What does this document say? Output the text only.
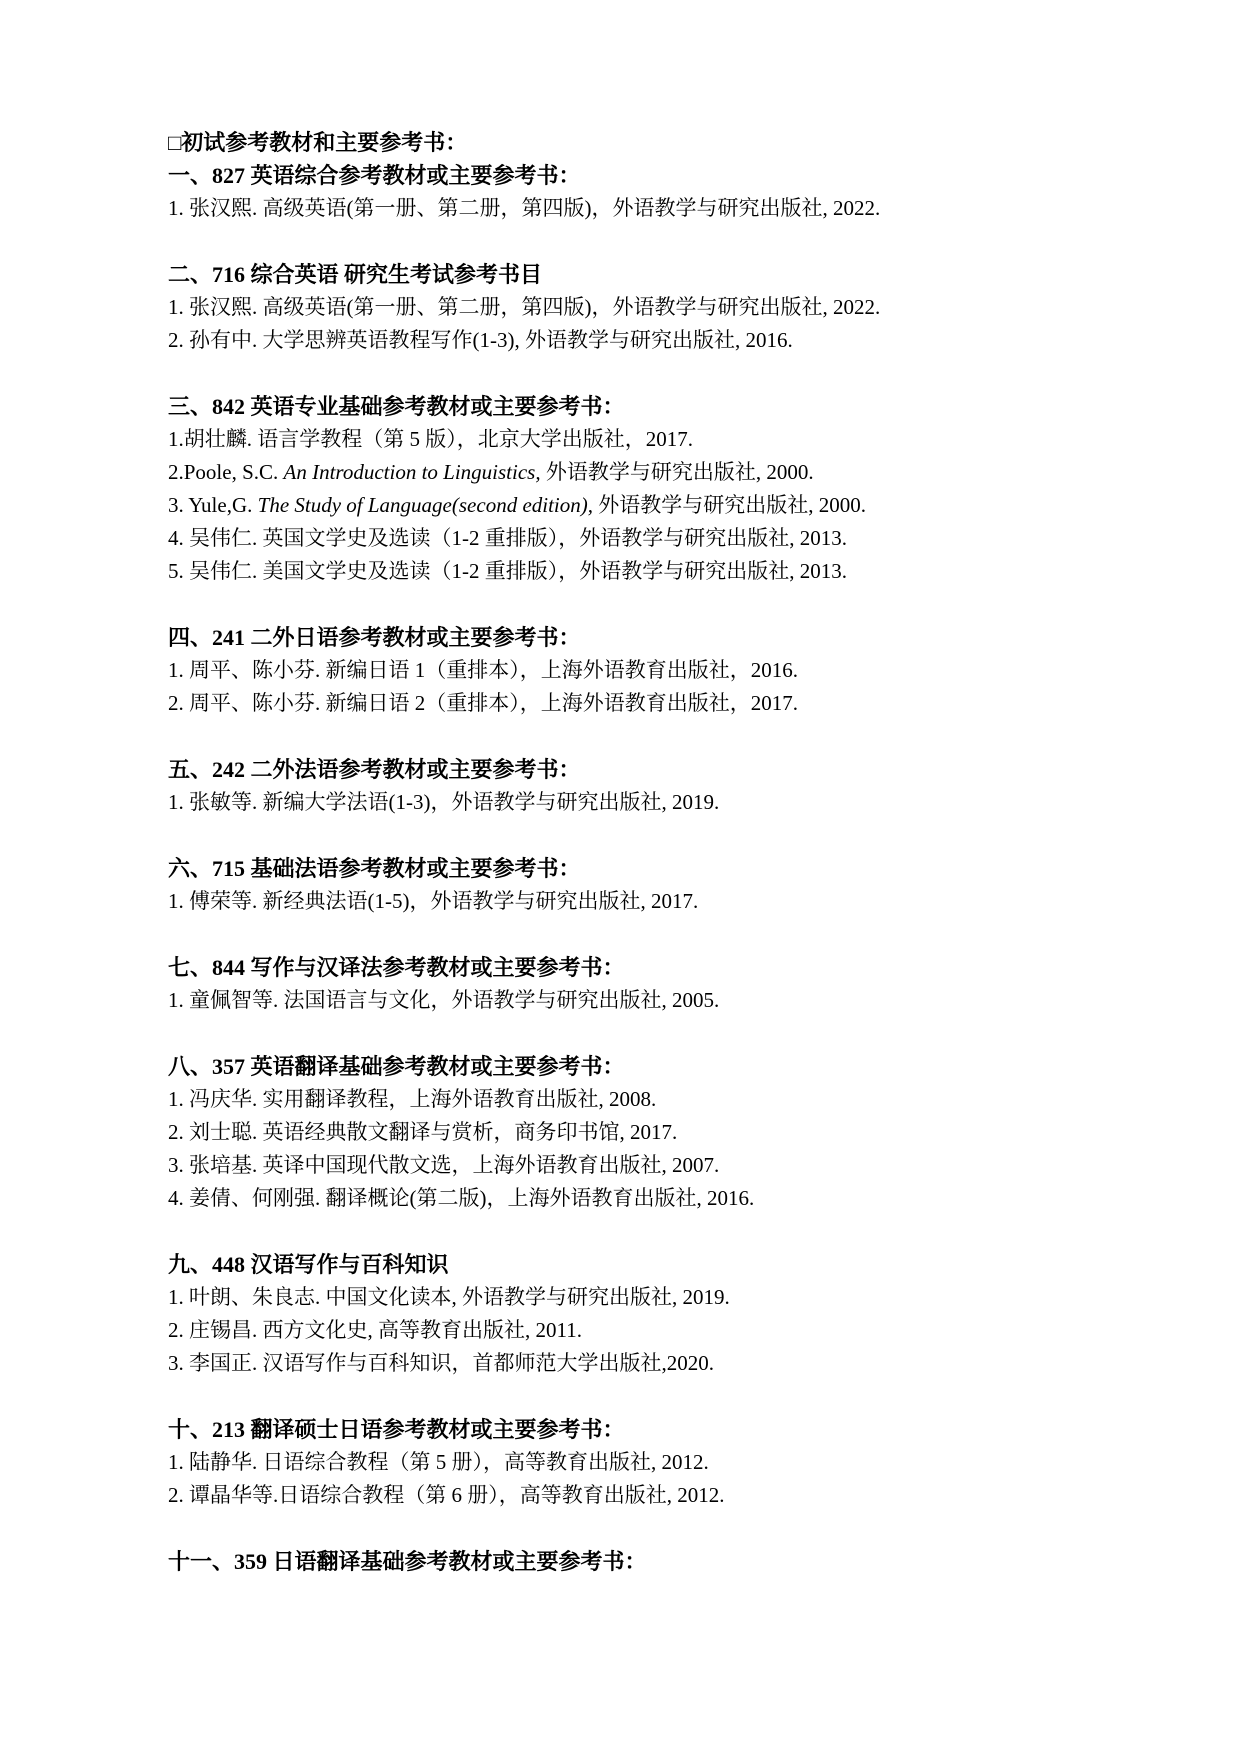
□初试参考教材和主要参考书：

一、827 英语综合参考教材或主要参考书：

1. 张汉熙. 高级英语(第一册、第二册，第四版)，外语教学与研究出版社, 2022.

二、716 综合英语 研究生考试参考书目

1. 张汉熙. 高级英语(第一册、第二册，第四版)，外语教学与研究出版社, 2022.

2. 孙有中. 大学思辨英语教程写作(1-3), 外语教学与研究出版社, 2016.

三、842 英语专业基础参考教材或主要参考书：

1.胡壮麟. 语言学教程（第 5 版），北京大学出版社，2017.

2.Poole, S.C. An Introduction to Linguistics, 外语教学与研究出版社, 2000.

3. Yule,G. The Study of Language(second edition), 外语教学与研究出版社, 2000.

4. 吴伟仁. 英国文学史及选读（1-2 重排版），外语教学与研究出版社, 2013.

5. 吴伟仁. 美国文学史及选读（1-2 重排版），外语教学与研究出版社, 2013.

四、241 二外日语参考教材或主要参考书：

1. 周平、陈小芬. 新编日语 1（重排本），上海外语教育出版社，2016.

2. 周平、陈小芬. 新编日语 2（重排本），上海外语教育出版社，2017.

五、242 二外法语参考教材或主要参考书：

1. 张敏等. 新编大学法语(1-3)，外语教学与研究出版社, 2019.

六、715 基础法语参考教材或主要参考书：

1. 傅荣等. 新经典法语(1-5)，外语教学与研究出版社, 2017.

七、844 写作与汉译法参考教材或主要参考书：

1. 童佩智等. 法国语言与文化，外语教学与研究出版社, 2005.

八、357 英语翻译基础参考教材或主要参考书：

1. 冯庆华. 实用翻译教程，上海外语教育出版社, 2008.

2. 刘士聪. 英语经典散文翻译与赏析，商务印书馆, 2017.

3. 张培基. 英译中国现代散文选，上海外语教育出版社, 2007.

4. 姜倩、何刚强. 翻译概论(第二版)，上海外语教育出版社, 2016.

九、448 汉语写作与百科知识

1. 叶朗、朱良志. 中国文化读本, 外语教学与研究出版社, 2019.

2. 庄锡昌. 西方文化史, 高等教育出版社, 2011.

3. 李国正. 汉语写作与百科知识，首都师范大学出版社,2020.

十、213 翻译硕士日语参考教材或主要参考书：

1. 陆静华. 日语综合教程（第 5 册），高等教育出版社, 2012.

2. 谭晶华等.日语综合教程（第 6 册），高等教育出版社, 2012.

十一、359 日语翻译基础参考教材或主要参考书：
